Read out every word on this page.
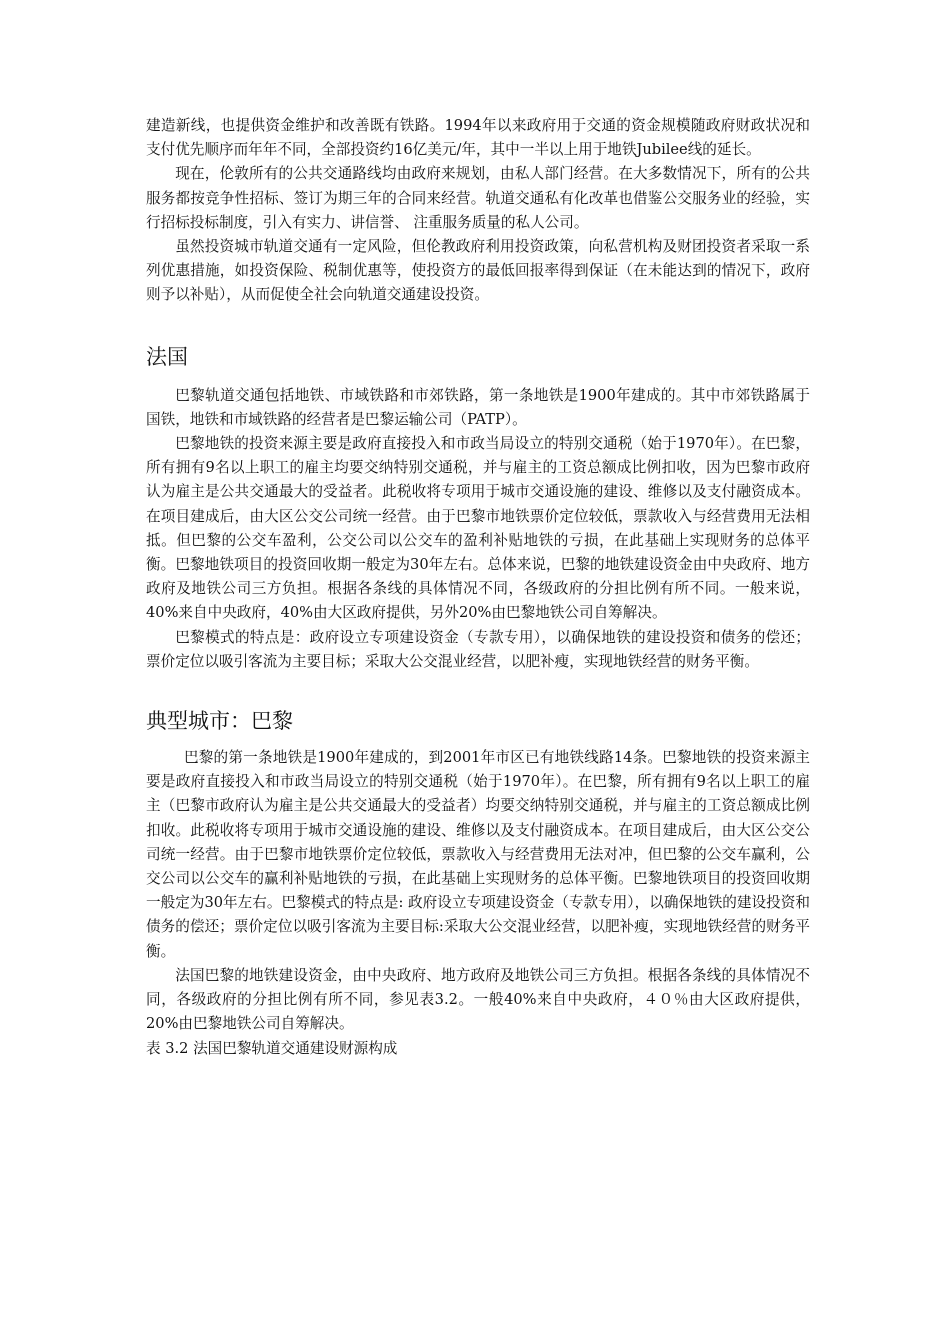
建造新线，也提供资金维护和改善既有铁路。1994年以来政府用于交通的资金规模随政府财政状况和支付优先顺序而年年不同，全部投资约16亿美元/年，其中一半以上用于地铁Jubilee线的延长。

现在，伦敦所有的公共交通路线均由政府来规划，由私人部门经营。在大多数情况下，所有的公共服务都按竞争性招标、签订为期三年的合同来经营。轨道交通私有化改革也借鉴公交服务业的经验，实行招标投标制度，引入有实力、讲信誉、 注重服务质量的私人公司。

虽然投资城市轨道交通有一定风险，但伦教政府利用投资政策，向私营机构及财团投资者采取一系列优惠措施，如投资保险、税制优惠等，使投资方的最低回报率得到保证（在未能达到的情况下，政府则予以补贴），从而促使全社会向轨道交通建设投资。

法国

巴黎轨道交通包括地铁、市域铁路和市郊铁路，第一条地铁是1900年建成的。其中市郊铁路属于国铁，地铁和市域铁路的经营者是巴黎运输公司（PATP）。

巴黎地铁的投资来源主要是政府直接投入和市政当局设立的特别交通税（始于1970年）。在巴黎，所有拥有9名以上职工的雇主均要交纳特别交通税，并与雇主的工资总额成比例扣收，因为巴黎市政府认为雇主是公共交通最大的受益者。此税收将专项用于城市交通设施的建设、维修以及支付融资成本。在项目建成后，由大区公交公司统一经营。由于巴黎市地铁票价定位较低，票款收入与经营费用无法相抵。但巴黎的公交车盈利，公交公司以公交车的盈利补贴地铁的亏损，在此基础上实现财务的总体平衡。巴黎地铁项目的投资回收期一般定为30年左右。总体来说，巴黎的地铁建设资金由中央政府、地方政府及地铁公司三方负担。根据各条线的具体情况不同，各级政府的分担比例有所不同。一般来说，40%来自中央政府，40%由大区政府提供，另外20%由巴黎地铁公司自筹解决。

巴黎模式的特点是：政府设立专项建设资金（专款专用），以确保地铁的建设投资和债务的偿还；票价定位以吸引客流为主要目标；采取大公交混业经营，以肥补瘦，实现地铁经营的财务平衡。

典型城市：巴黎

巴黎的第一条地铁是1900年建成的，到2001年市区已有地铁线路14条。巴黎地铁的投资来源主要是政府直接投入和市政当局设立的特别交通税（始于1970年）。在巴黎，所有拥有9名以上职工的雇主（巴黎市政府认为雇主是公共交通最大的受益者）均要交纳特别交通税，并与雇主的工资总额成比例扣收。此税收将专项用于城市交通设施的建设、维修以及支付融资成本。在项目建成后，由大区公交公司统一经营。由于巴黎市地铁票价定位较低，票款收入与经营费用无法对冲，但巴黎的公交车赢利，公交公司以公交车的赢利补贴地铁的亏损，在此基础上实现财务的总体平衡。巴黎地铁项目的投资回收期一般定为30年左右。巴黎模式的特点是: 政府设立专项建设资金（专款专用），以确保地铁的建设投资和债务的偿还；票价定位以吸引客流为主要目标:采取大公交混业经营，以肥补瘦，实现地铁经营的财务平衡。

法国巴黎的地铁建设资金，由中央政府、地方政府及地铁公司三方负担。根据各条线的具体情况不同，各级政府的分担比例有所不同，参见表3.2。一般40%来自中央政府，４０％由大区政府提供，20%由巴黎地铁公司自筹解决。

表 3.2 法国巴黎轨道交通建设财源构成
